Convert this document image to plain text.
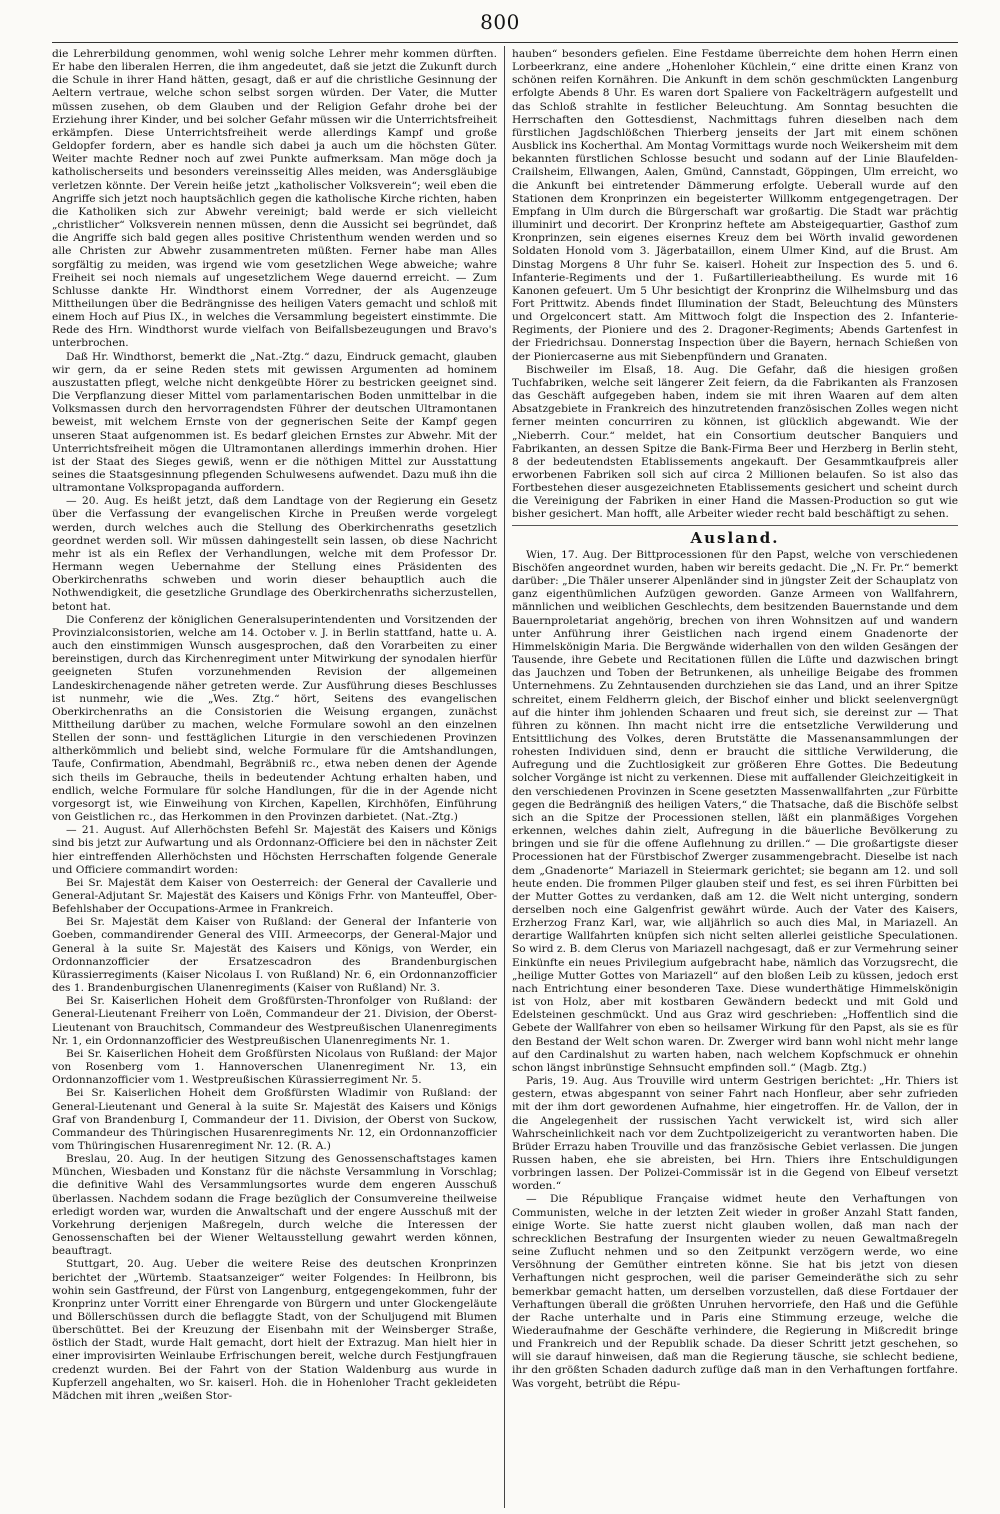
800

die Lehrerbildung genommen, wohl wenig solche Lehrer mehr kommen dürften. Er habe den liberalen Herren, die ihm angedeutet, daß sie jetzt die Zukunft durch die Schule in ihrer Hand hätten, gesagt, daß er auf die christliche Gesinnung der Aeltern vertraue, welche schon selbst sorgen würden. Der Vater, die Mutter müssen zusehen, ob dem Glauben und der Religion Gefahr drohe bei der Erziehung ihrer Kinder, und bei solcher Gefahr müssen wir die Unterrichtsfreiheit erkämpfen. Diese Unterrichtsfreiheit werde allerdings Kampf und große Geldopfer fordern, aber es handle sich dabei ja auch um die höchsten Güter. Weiter machte Redner noch auf zwei Punkte aufmerksam. Man möge doch ja katholischerseits und besonders vereinsseitig Alles meiden, was Andersgläubige verletzen könnte. Der Verein heiße jetzt „katholischer Volksverein“; weil eben die Angriffe sich jetzt noch hauptsächlich gegen die katholische Kirche richten, haben die Katholiken sich zur Abwehr vereinigt; bald werde er sich vielleicht „christlicher“ Volksverein nennen müssen, denn die Aussicht sei begründet, daß die Angriffe sich bald gegen alles positive Christenthum wenden werden und so alle Christen zur Abwehr zusammentreten müßten. Ferner habe man Alles sorgfältig zu meiden, was irgend wie vom gesetzlichen Wege abweiche; wahre Freiheit sei noch niemals auf ungesetzlichem Wege dauernd erreicht. — Zum Schlusse dankte Hr. Windthorst einem Vorredner, der als Augenzeuge Mittheilungen über die Bedrängnisse des heiligen Vaters gemacht und schloß mit einem Hoch auf Pius IX., in welches die Versammlung begeistert einstimmte. Die Rede des Hrn. Windthorst wurde vielfach von Beifallsbezeugungen und Bravo's unterbrochen.

Daß Hr. Windthorst, bemerkt die „Nat.-Ztg.“ dazu, Eindruck gemacht, glauben wir gern, da er seine Reden stets mit gewissen Argumenten ad hominem auszustatten pflegt, welche nicht denkgeübte Hörer zu bestricken geeignet sind. Die Verpflanzung dieser Mittel vom parlamentarischen Boden unmittelbar in die Volksmassen durch den hervorragendsten Führer der deutschen Ultramontanen beweist, mit welchem Ernste von der gegnerischen Seite der Kampf gegen unseren Staat aufgenommen ist. Es bedarf gleichen Ernstes zur Abwehr. Mit der Unterrichtsfreiheit mögen die Ultramontanen allerdings immerhin drohen. Hier ist der Staat des Sieges gewiß, wenn er die nöthigen Mittel zur Ausstattung seines die Staatsgesinnung pflegenden Schulwesens aufwendet. Dazu muß ihn die ultramontane Volkspropaganda auffordern.

— 20. Aug. Es heißt jetzt, daß dem Landtage von der Regierung ein Gesetz über die Verfassung der evangelischen Kirche in Preußen werde vorgelegt werden, durch welches auch die Stellung des Oberkirchenraths gesetzlich geordnet werden soll. Wir müssen dahingestellt sein lassen, ob diese Nachricht mehr ist als ein Reflex der Verhandlungen, welche mit dem Professor Dr. Hermann wegen Uebernahme der Stellung eines Präsidenten des Oberkirchenraths schweben und worin dieser behauptlich auch die Nothwendigkeit, die gesetzliche Grundlage des Oberkirchenraths sicherzustellen, betont hat.

Die Conferenz der königlichen Generalsuperintendenten und Vorsitzenden der Provinzialconsistorien, welche am 14. October v. J. in Berlin stattfand, hatte u. A. auch den einstimmigen Wunsch ausgesprochen, daß den Vorarbeiten zu einer bereinstigen, durch das Kirchenregiment unter Mitwirkung der synodalen hierfür geeigneten Stufen vorzunehmenden Revision der allgemeinen Landeskirchenagende näher getreten werde. Zur Ausführung dieses Beschlusses ist nunmehr, wie die „Wes. Ztg.“ hört, Seitens des evangelischen Oberkirchenraths an die Consistorien die Weisung ergangen, zunächst Mittheilung darüber zu machen, welche Formulare sowohl an den einzelnen Stellen der sonn- und festtäglichen Liturgie in den verschiedenen Provinzen altherkömmlich und beliebt sind, welche Formulare für die Amtshandlungen, Taufe, Confirmation, Abendmahl, Begräbniß rc., etwa neben denen der Agende sich theils im Gebrauche, theils in bedeutender Achtung erhalten haben, und endlich, welche Formulare für solche Handlungen, für die in der Agende nicht vorgesorgt ist, wie Einweihung von Kirchen, Kapellen, Kirchhöfen, Einführung von Geistlichen rc., das Herkommen in den Provinzen darbietet. (Nat.-Ztg.)

— 21. August. Auf Allerhöchsten Befehl Sr. Majestät des Kaisers und Königs sind bis jetzt zur Aufwartung und als Ordonnanz-Officiere bei den in nächster Zeit hier eintreffenden Allerhöchsten und Höchsten Herrschaften folgende Generale und Officiere commandirt worden:

Bei Sr. Majestät dem Kaiser von Oesterreich: der General der Cavallerie und General-Adjutant Sr. Majestät des Kaisers und Königs Frhr. von Manteuffel, Ober-Befehlshaber der Occupations-Armee in Frankreich.

Bei Sr. Majestät dem Kaiser von Rußland: der General der Infanterie von Goeben, commandirender General des VIII. Armeecorps, der General-Major und General à la suite Sr. Majestät des Kaisers und Königs, von Werder, ein Ordonnanzofficier der Ersatzescadron des Brandenburgischen Kürassierregiments (Kaiser Nicolaus I. von Rußland) Nr. 6, ein Ordonnanzofficier des 1. Brandenburgischen Ulanenregiments (Kaiser von Rußland) Nr. 3.

Bei Sr. Kaiserlichen Hoheit dem Großfürsten-Thronfolger von Rußland: der General-Lieutenant Freiherr von Loën, Commandeur der 21. Division, der Oberst-Lieutenant von Brauchitsch, Commandeur des Westpreußischen Ulanenregiments Nr. 1, ein Ordonnanzofficier des Westpreußischen Ulanenregiments Nr. 1.

Bei Sr. Kaiserlichen Hoheit dem Großfürsten Nicolaus von Rußland: der Major von Rosenberg vom 1. Hannoverschen Ulanenregiment Nr. 13, ein Ordonnanzofficier vom 1. Westpreußischen Kürassierregiment Nr. 5.

Bei Sr. Kaiserlichen Hoheit dem Großfürsten Wladimir von Rußland: der General-Lieutenant und General à la suite Sr. Majestät des Kaisers und Königs Graf von Brandenburg I, Commandeur der 11. Division, der Oberst von Suckow, Commandeur des Thüringischen Husarenregiments Nr. 12, ein Ordonnanzofficier vom Thüringischen Husarenregiment Nr. 12. (R. A.)

Breslau, 20. Aug. In der heutigen Sitzung des Genossenschaftstages kamen München, Wiesbaden und Konstanz für die nächste Versammlung in Vorschlag; die definitive Wahl des Versammlungsortes wurde dem engeren Ausschuß überlassen. Nachdem sodann die Frage bezüglich der Consumvereine theilweise erledigt worden war, wurden die Anwaltschaft und der engere Ausschuß mit der Vorkehrung derjenigen Maßregeln, durch welche die Interessen der Genossenschaften bei der Wiener Weltausstellung gewahrt werden können, beauftragt.

Stuttgart, 20. Aug. Ueber die weitere Reise des deutschen Kronprinzen berichtet der „Würtemb. Staatsanzeiger“ weiter Folgendes: In Heilbronn, bis wohin sein Gastfreund, der Fürst von Langenburg, entgegengekommen, fuhr der Kronprinz unter Vorritt einer Ehrengarde von Bürgern und unter Glockengeläute und Böllerschüssen durch die beflaggte Stadt, von der Schuljugend mit Blumen überschüttet. Bei der Kreuzung der Eisenbahn mit der Weinsberger Straße, östlich der Stadt, wurde Halt gemacht, dort hielt der Extrazug. Man hielt hier in einer improvisirten Weinlaube Erfrischungen bereit, welche durch Festjungfrauen credenzt wurden. Bei der Fahrt von der Station Waldenburg aus wurde in Kupferzell angehalten, wo Sr. kaiserl. Hoh. die in Hohenloher Tracht gekleideten Mädchen mit ihren „weißen Stor-

hauben“ besonders gefielen. Eine Festdame überreichte dem hohen Herrn einen Lorbeerkranz, eine andere „Hohenloher Küchlein,“ eine dritte einen Kranz von schönen reifen Kornähren. Die Ankunft in dem schön geschmückten Langenburg erfolgte Abends 8 Uhr. Es waren dort Spaliere von Fackelträgern aufgestellt und das Schloß strahlte in festlicher Beleuchtung. Am Sonntag besuchten die Herrschaften den Gottesdienst, Nachmittags fuhren dieselben nach dem fürstlichen Jagdschlößchen Thierberg jenseits der Jart mit einem schönen Ausblick ins Kocherthal. Am Montag Vormittags wurde noch Weikersheim mit dem bekannten fürstlichen Schlosse besucht und sodann auf der Linie Blaufelden-Crailsheim, Ellwangen, Aalen, Gmünd, Cannstadt, Göppingen, Ulm erreicht, wo die Ankunft bei eintretender Dämmerung erfolgte. Ueberall wurde auf den Stationen dem Kronprinzen ein begeisterter Willkomm entgegengetragen. Der Empfang in Ulm durch die Bürgerschaft war großartig. Die Stadt war prächtig illuminirt und decorirt. Der Kronprinz heftete am Absteigequartier, Gasthof zum Kronprinzen, sein eigenes eisernes Kreuz dem bei Wörth invalid gewordenen Soldaten Honold vom 3. Jägerbataillon, einem Ulmer Kind, auf die Brust. Am Dinstag Morgens 8 Uhr fuhr Se. kaiserl. Hoheit zur Inspection des 5. und 6. Infanterie-Regiments und der 1. Fußartillerieabtheilung. Es wurde mit 16 Kanonen gefeuert. Um 5 Uhr besichtigt der Kronprinz die Wilhelmsburg und das Fort Prittwitz. Abends findet Illumination der Stadt, Beleuchtung des Münsters und Orgelconcert statt. Am Mittwoch folgt die Inspection des 2. Infanterie-Regiments, der Pioniere und des 2. Dragoner-Regiments; Abends Gartenfest in der Friedrichsau. Donnerstag Inspection über die Bayern, hernach Schießen von der Pioniercaserne aus mit Siebenpfündern und Granaten.

Bischweiler im Elsaß, 18. Aug. Die Gefahr, daß die hiesigen großen Tuchfabriken, welche seit längerer Zeit feiern, da die Fabrikanten als Franzosen das Geschäft aufgegeben haben, indem sie mit ihren Waaren auf dem alten Absatzgebiete in Frankreich des hinzutretenden französischen Zolles wegen nicht ferner meinten concurriren zu können, ist glücklich abgewandt. Wie der „Nieberrh. Cour.“ meldet, hat ein Consortium deutscher Banquiers und Fabrikanten, an dessen Spitze die Bank-Firma Beer und Herzberg in Berlin steht, 8 der bedeutendsten Etablissements angekauft. Der Gesammtkaufpreis aller erworbenen Fabriken soll sich auf circa 2 Millionen belaufen. So ist also das Fortbestehen dieser ausgezeichneten Etablissements gesichert und scheint durch die Vereinigung der Fabriken in einer Hand die Massen-Production so gut wie bisher gesichert. Man hofft, alle Arbeiter wieder recht bald beschäftigt zu sehen.

Ausland.

Wien, 17. Aug. Der Bittprocessionen für den Papst, welche von verschiedenen Bischöfen angeordnet wurden, haben wir bereits gedacht. Die „N. Fr. Pr.“ bemerkt darüber: „Die Thäler unserer Alpenländer sind in jüngster Zeit der Schauplatz von ganz eigenthümlichen Aufzügen geworden. Ganze Armeen von Wallfahrern, männlichen und weiblichen Geschlechts, dem besitzenden Bauernstande und dem Bauernproletariat angehörig, brechen von ihren Wohnsitzen auf und wandern unter Anführung ihrer Geistlichen nach irgend einem Gnadenorte der Himmelskönigin Maria. Die Bergwände widerhallen von den wilden Gesängen der Tausende, ihre Gebete und Recitationen füllen die Lüfte und dazwischen bringt das Jauchzen und Toben der Betrunkenen, als unheilige Beigabe des frommen Unternehmens. Zu Zehntausenden durchziehen sie das Land, und an ihrer Spitze schreitet, einem Feldherrn gleich, der Bischof einher und blickt seelenvergnügt auf die hinter ihm johlenden Schaaren und freut sich, sie dereinst zur — That führen zu können. Ihn macht nicht irre die entsetzliche Verwilderung und Entsittlichung des Volkes, deren Brutstätte die Massenansammlungen der rohesten Individuen sind, denn er braucht die sittliche Verwilderung, die Aufregung und die Zuchtlosigkeit zur größeren Ehre Gottes. Die Bedeutung solcher Vorgänge ist nicht zu verkennen. Diese mit auffallender Gleichzeitigkeit in den verschiedenen Provinzen in Scene gesetzten Massenwallfahrten „zur Fürbitte gegen die Bedrängniß des heiligen Vaters,“ die Thatsache, daß die Bischöfe selbst sich an die Spitze der Processionen stellen, läßt ein planmäßiges Vorgehen erkennen, welches dahin zielt, Aufregung in die bäuerliche Bevölkerung zu bringen und sie für die offene Auflehnung zu drillen.“ — Die großartigste dieser Processionen hat der Fürstbischof Zwerger zusammengebracht. Dieselbe ist nach dem „Gnadenorte“ Mariazell in Steiermark gerichtet; sie begann am 12. und soll heute enden. Die frommen Pilger glauben steif und fest, es sei ihren Fürbitten bei der Mutter Gottes zu verdanken, daß am 12. die Welt nicht unterging, sondern derselben noch eine Galgenfrist gewährt würde. Auch der Vater des Kaisers, Erzherzog Franz Karl, war, wie alljährlich so auch dies Mal, in Mariazell. An derartige Wallfahrten knüpfen sich nicht selten allerlei geistliche Speculationen. So wird z. B. dem Clerus von Mariazell nachgesagt, daß er zur Vermehrung seiner Einkünfte ein neues Privilegium aufgebracht habe, nämlich das Vorzugsrecht, die „heilige Mutter Gottes von Mariazell“ auf den bloßen Leib zu küssen, jedoch erst nach Entrichtung einer besonderen Taxe. Diese wunderthätige Himmelskönigin ist von Holz, aber mit kostbaren Gewändern bedeckt und mit Gold und Edelsteinen geschmückt. Und aus Graz wird geschrieben: „Hoffentlich sind die Gebete der Wallfahrer von eben so heilsamer Wirkung für den Papst, als sie es für den Bestand der Welt schon waren. Dr. Zwerger wird bann wohl nicht mehr lange auf den Cardinalshut zu warten haben, nach welchem Kopfschmuck er ohnehin schon längst inbrünstige Sehnsucht empfinden soll.“ (Magb. Ztg.)

Paris, 19. Aug. Aus Trouville wird unterm Gestrigen berichtet: „Hr. Thiers ist gestern, etwas abgespannt von seiner Fahrt nach Honfleur, aber sehr zufrieden mit der ihm dort gewordenen Aufnahme, hier eingetroffen. Hr. de Vallon, der in die Angelegenheit der russischen Yacht verwickelt ist, wird sich aller Wahrscheinlichkeit nach vor dem Zuchtpolizeigericht zu verantworten haben. Die Brüder Errazu haben Trouville und das französische Gebiet verlassen. Die jungen Russen haben, ehe sie abreisten, bei Hrn. Thiers ihre Entschuldigungen vorbringen lassen. Der Polizei-Commissär ist in die Gegend von Elbeuf versetzt worden.“

— Die République Française widmet heute den Verhaftungen von Communisten, welche in der letzten Zeit wieder in großer Anzahl Statt fanden, einige Worte. Sie hatte zuerst nicht glauben wollen, daß man nach der schrecklichen Bestrafung der Insurgenten wieder zu neuen Gewaltmaßregeln seine Zuflucht nehmen und so den Zeitpunkt verzögern werde, wo eine Versöhnung der Gemüther eintreten könne. Sie hat bis jetzt von diesen Verhaftungen nicht gesprochen, weil die pariser Gemeinderäthe sich zu sehr bemerkbar gemacht hatten, um derselben vorzustellen, daß diese Fortdauer der Verhaftungen überall die größten Unruhen hervorriefe, den Haß und die Gefühle der Rache unterhalte und in Paris eine Stimmung erzeuge, welche die Wiederaufnahme der Geschäfte verhindere, die Regierung in Mißcredit bringe und Frankreich und der Republik schade. Da dieser Schritt jetzt geschehen, so will sie darauf hinweisen, daß man die Regierung täusche, sie schlecht bediene, ihr den größten Schaden dadurch zufüge daß man in den Verhaftungen fortfahre. Was vorgeht, betrübt die Répu-
